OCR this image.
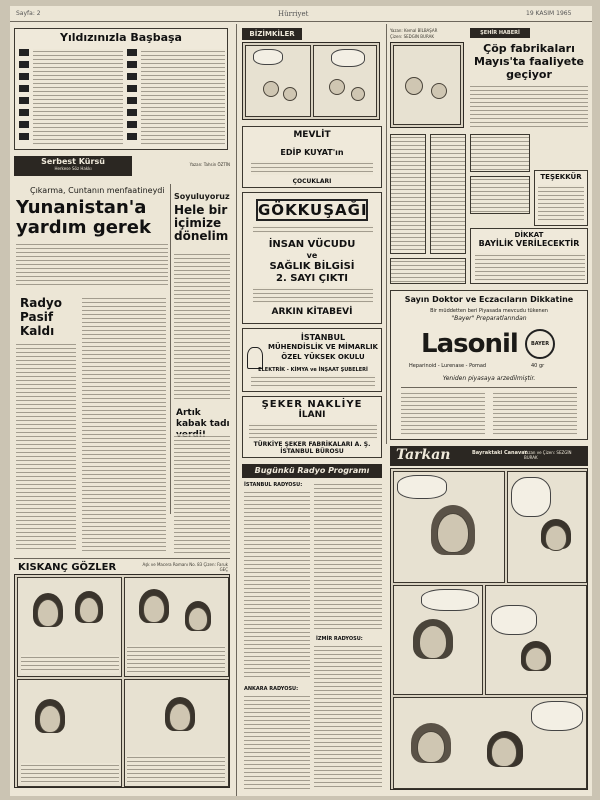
Sayfa: 2	Hürriyet	19 KASIM 1965
Yıldızınızla Başbaşa
Serbest Kürsü
Herkese Söz Hakkı
Yazan: Tahsin ÖZTİN
Çıkarma, Cuntanın menfaatineydi
Yunanistan'a yardım gerek
Soyuluyoruz
Hele bir içimize dönelim
Radyo Pasif Kaldı
Artık kabak tadı
KISKANÇ GÖZLER	Aşk ve Macera Romanı No. 83 Çizen: Faruk GEÇ
BİZİMKİLER
MEVLİT
EDİP KUYAT'ın
ÇOCUKLARI
GÖKKUŞAĞI
İNSAN VÜCUDU
ve
SAĞLIK BİLGİSİ
2. SAYI ÇIKTI
ARKIN KİTABEVİ
İSTANBUL
MÜHENDİSLİK VE MİMARLIK
ÖZEL YÜKSEK OKULU
ELEKTRİK - KİMYA ve İNŞAAT ŞUBELERİ
ŞEKER NAKLİYE
İLANI
TÜRKİYE ŞEKER FABRİKALARI A. Ş.
İSTANBUL BÜROSU
Bugünkü Radyo Programı
İSTANBUL RADYOSU:
İZMİR RADYOSU:
ANKARA RADYOSU:
Yazan: Kemal BİLBAŞAR
Çizen: SEDGIN BURAK
ŞEHİR HABERİ
Çöp fabrikaları Mayıs'ta faaliyete geçiyor
TEŞEKKÜR
DİKKAT
BAYİLİK VERİLECEKTİR
Sayın Doktor ve Eczacıların Dikkatine
Bir müddetten beri Piyasada mevcudu tükenen
"Bayer" Preparatlarından
Lasonil	BAYER
Heparinoid - Lurenase - Pomad	40 gr
Yeniden piyasaya arzedilmiştir.
Tarkan	Bayraktaki Canavar
Yazan ve Çizen: SEZGİN BURAK
